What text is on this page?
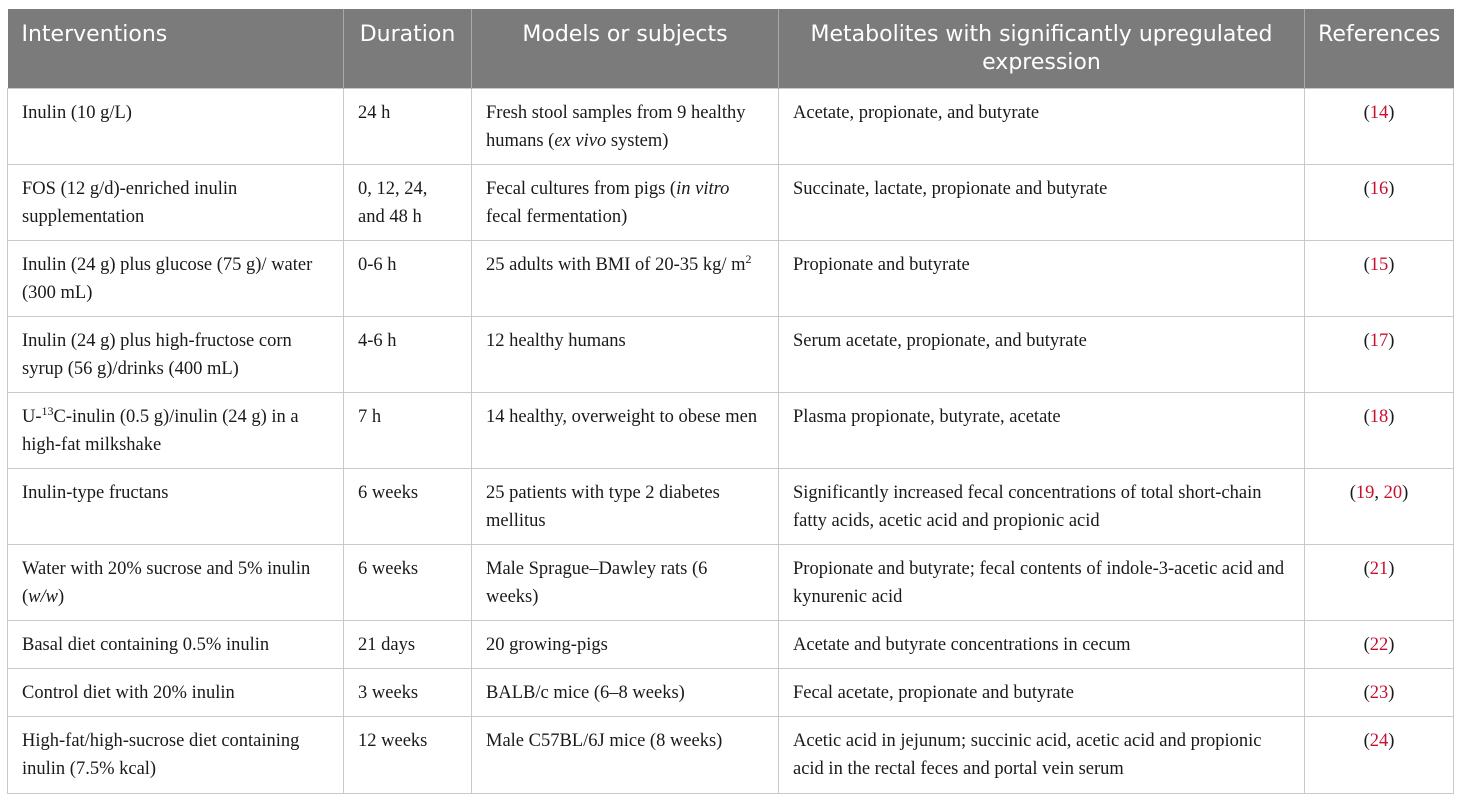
Interventions	Duration	Models or subjects	Metabolites with significantly upregulated expression	References
Inulin (10 g/L)	24 h	Fresh stool samples from 9 healthy humans (ex vivo system)	Acetate, propionate, and butyrate	(14)
FOS (12 g/d)-enriched inulin supplementation	0, 12, 24, and 48 h	Fecal cultures from pigs (in vitro fecal fermentation)	Succinate, lactate, propionate and butyrate	(16)
Inulin (24 g) plus glucose (75 g)/ water (300 mL)	0-6 h	25 adults with BMI of 20-35 kg/ $m^2$	Propionate and butyrate	(15)
Inulin (24 g) plus high-fructose corn syrup (56 g)/drinks (400 mL)	4-6 h	12 healthy humans	Serum acetate, propionate, and butyrate	(17)
U-$^{13}$C-inulin (0.5 g)/inulin (24 g) in a high-fat milkshake	7 h	14 healthy, overweight to obese men	Plasma propionate, butyrate, acetate	(18)
Inulin-type fructans	6 weeks	25 patients with type 2 diabetes mellitus	Significantly increased fecal concentrations of total short-chain fatty acids, acetic acid and propionic acid	(19, 20)
Water with 20% sucrose and 5% inulin (w/w)	6 weeks	Male Sprague–Dawley rats (6 weeks)	Propionate and butyrate; fecal contents of indole-3-acetic acid and kynurenic acid	(21)
Basal diet containing 0.5% inulin	21 days	20 growing-pigs	Acetate and butyrate concentrations in cecum	(22)
Control diet with 20% inulin	3 weeks	BALB/c mice (6–8 weeks)	Fecal acetate, propionate and butyrate	(23)
High-fat/high-sucrose diet containing inulin (7.5% kcal)	12 weeks	Male C57BL/6J mice (8 weeks)	Acetic acid in jejunum; succinic acid, acetic acid and propionic acid in the rectal feces and portal vein serum	(24)
